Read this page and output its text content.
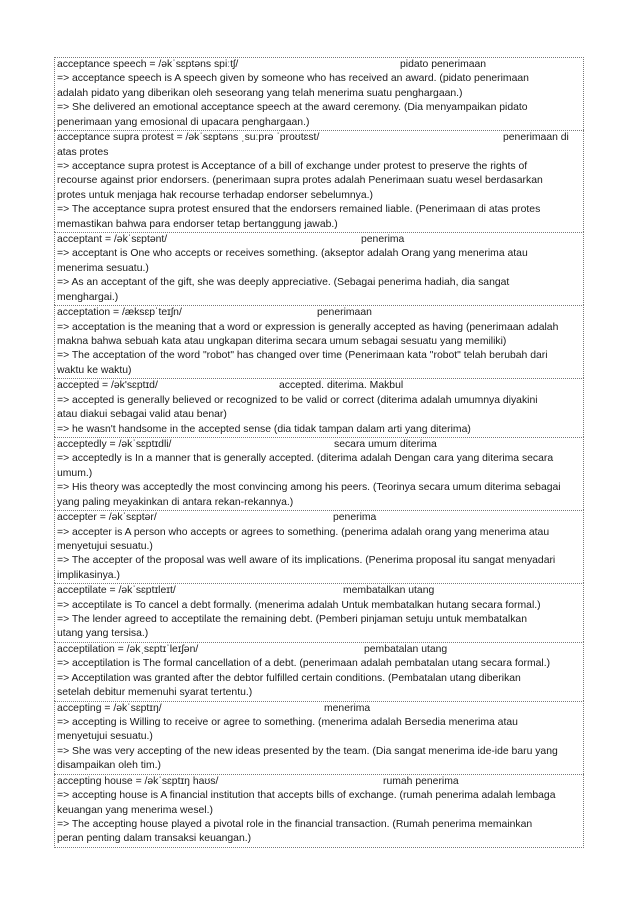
acceptance speech = /əkˈsɛptəns spiːtʃ/	pidato penerimaan
=> acceptance speech is A speech given by someone who has received an award. (pidato penerimaan
adalah pidato yang diberikan oleh seseorang yang telah menerima suatu penghargaan.)
=> She delivered an emotional acceptance speech at the award ceremony. (Dia menyampaikan pidato
penerimaan yang emosional di upacara penghargaan.)
acceptance supra protest = /əkˈsɛptəns ˌsuːprə ˈproʊtɛst/	penerimaan di
atas protes
=> acceptance supra protest is Acceptance of a bill of exchange under protest to preserve the rights of
recourse against prior endorsers. (penerimaan supra protes adalah Penerimaan suatu wesel berdasarkan
protes untuk menjaga hak recourse terhadap endorser sebelumnya.)
=> The acceptance supra protest ensured that the endorsers remained liable. (Penerimaan di atas protes
memastikan bahwa para endorser tetap bertanggung jawab.)
acceptant = /əkˈsɛptənt/	penerima
=> acceptant is One who accepts or receives something. (akseptor adalah Orang yang menerima atau
menerima sesuatu.)
=> As an acceptant of the gift, she was deeply appreciative. (Sebagai penerima hadiah, dia sangat
menghargai.)
acceptation = /æksɛpˈteɪʃn/	penerimaan
=> acceptation is the meaning that a word or expression is generally accepted as having (penerimaan adalah
makna bahwa sebuah kata atau ungkapan diterima secara umum sebagai sesuatu yang memiliki)
=> The acceptation of the word "robot" has changed over time (Penerimaan kata "robot" telah berubah dari
waktu ke waktu)
accepted = /ək'sɛptɪd/	accepted. diterima. Makbul
=> accepted is generally believed or recognized to be valid or correct (diterima adalah umumnya diyakini
atau diakui sebagai valid atau benar)
=> he wasn't handsome in the accepted sense (dia tidak tampan dalam arti yang diterima)
acceptedly = /əkˈsɛptɪdli/	secara umum diterima
=> acceptedly is In a manner that is generally accepted. (diterima adalah Dengan cara yang diterima secara
umum.)
=> His theory was acceptedly the most convincing among his peers. (Teorinya secara umum diterima sebagai
yang paling meyakinkan di antara rekan-rekannya.)
accepter = /əkˈsɛptər/	penerima
=> accepter is A person who accepts or agrees to something. (penerima adalah orang yang menerima atau
menyetujui sesuatu.)
=> The accepter of the proposal was well aware of its implications. (Penerima proposal itu sangat menyadari
implikasinya.)
acceptilate = /əkˈsɛptɪleɪt/	membatalkan utang
=> acceptilate is To cancel a debt formally. (menerima adalah Untuk membatalkan hutang secara formal.)
=> The lender agreed to acceptilate the remaining debt. (Pemberi pinjaman setuju untuk membatalkan
utang yang tersisa.)
acceptilation = /əkˌsɛptɪˈleɪʃən/	pembatalan utang
=> acceptilation is The formal cancellation of a debt. (penerimaan adalah pembatalan utang secara formal.)
=> Acceptilation was granted after the debtor fulfilled certain conditions. (Pembatalan utang diberikan
setelah debitur memenuhi syarat tertentu.)
accepting = /əkˈsɛptɪŋ/	menerima
=> accepting is Willing to receive or agree to something. (menerima adalah Bersedia menerima atau
menyetujui sesuatu.)
=> She was very accepting of the new ideas presented by the team. (Dia sangat menerima ide-ide baru yang
disampaikan oleh tim.)
accepting house = /əkˈsɛptɪŋ haʊs/	rumah penerima
=> accepting house is A financial institution that accepts bills of exchange. (rumah penerima adalah lembaga
keuangan yang menerima wesel.)
=> The accepting house played a pivotal role in the financial transaction. (Rumah penerima memainkan
peran penting dalam transaksi keuangan.)
